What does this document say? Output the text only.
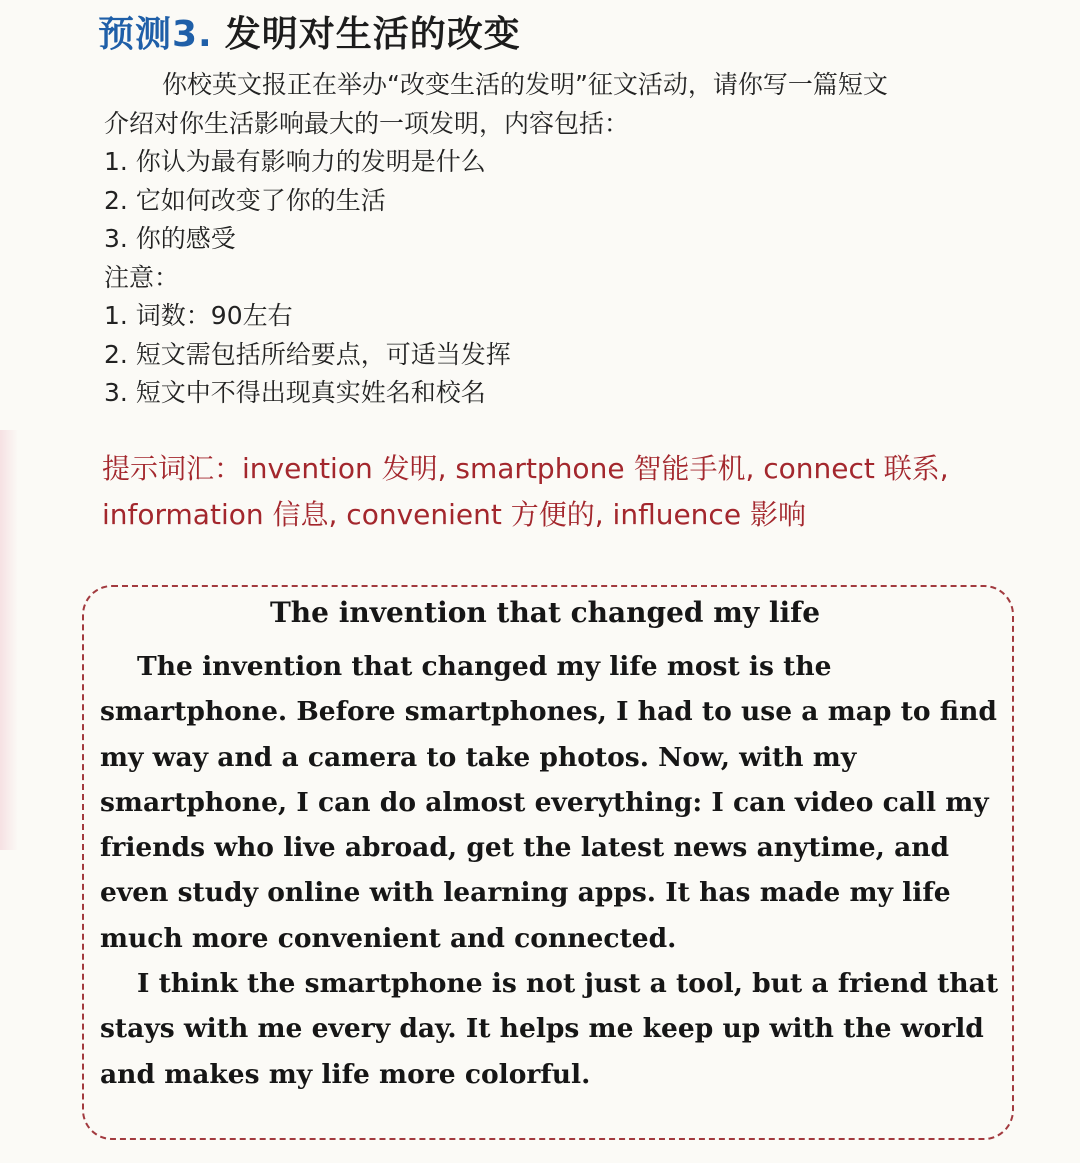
预测3. 发明对生活的改变
你校英文报正在举办“改变生活的发明”征文活动，请你写一篇短文
介绍对你生活影响最大的一项发明，内容包括：
1. 你认为最有影响力的发明是什么
2. 它如何改变了你的生活
3. 你的感受
注意：
1. 词数：90左右
2. 短文需包括所给要点，可适当发挥
3. 短文中不得出现真实姓名和校名
提示词汇：invention 发明, smartphone 智能手机, connect 联系, information 信息, convenient 方便的, influence 影响
The invention that changed my life

The invention that changed my life most is the smartphone. Before smartphones, I had to use a map to find my way and a camera to take photos. Now, with my smartphone, I can do almost everything: I can video call my friends who live abroad, get the latest news anytime, and even study online with learning apps. It has made my life much more convenient and connected.

I think the smartphone is not just a tool, but a friend that stays with me every day. It helps me keep up with the world and makes my life more colorful.
